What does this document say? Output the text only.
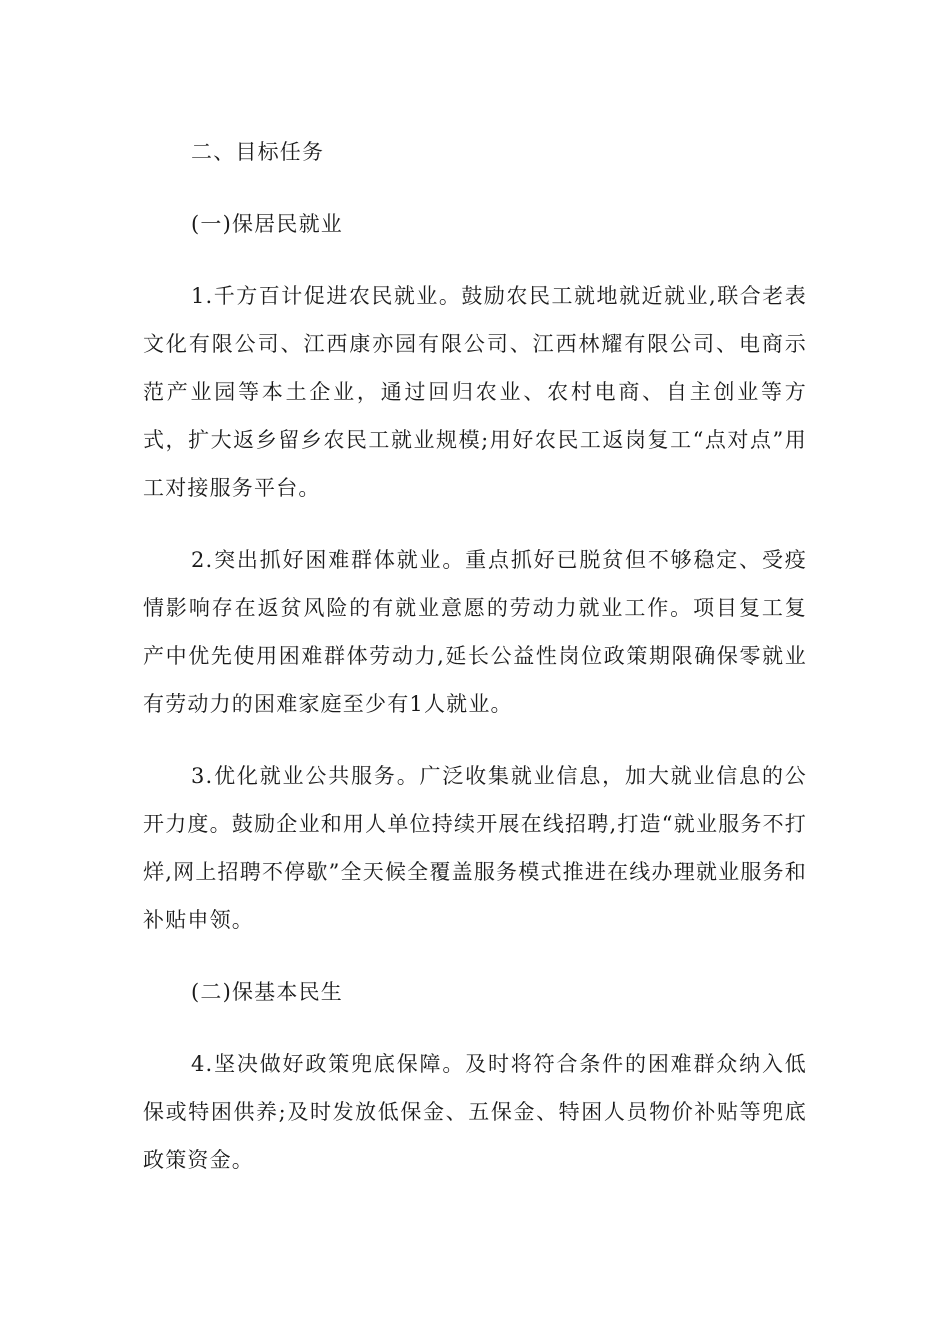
二、目标任务

(一)保居民就业

1.千方百计促进农民就业。鼓励农民工就地就近就业,联合老表文化有限公司、江西康亦园有限公司、江西林耀有限公司、电商示范产业园等本土企业，通过回归农业、农村电商、自主创业等方式，扩大返乡留乡农民工就业规模;用好农民工返岗复工“点对点”用工对接服务平台。

2.突出抓好困难群体就业。重点抓好已脱贫但不够稳定、受疫情影响存在返贫风险的有就业意愿的劳动力就业工作。项目复工复产中优先使用困难群体劳动力,延长公益性岗位政策期限确保零就业有劳动力的困难家庭至少有1人就业。

3.优化就业公共服务。广泛收集就业信息，加大就业信息的公开力度。鼓励企业和用人单位持续开展在线招聘,打造“就业服务不打烊,网上招聘不停歇”全天候全覆盖服务模式推进在线办理就业服务和补贴申领。

(二)保基本民生

4.坚决做好政策兜底保障。及时将符合条件的困难群众纳入低保或特困供养;及时发放低保金、五保金、特困人员物价补贴等兜底政策资金。
